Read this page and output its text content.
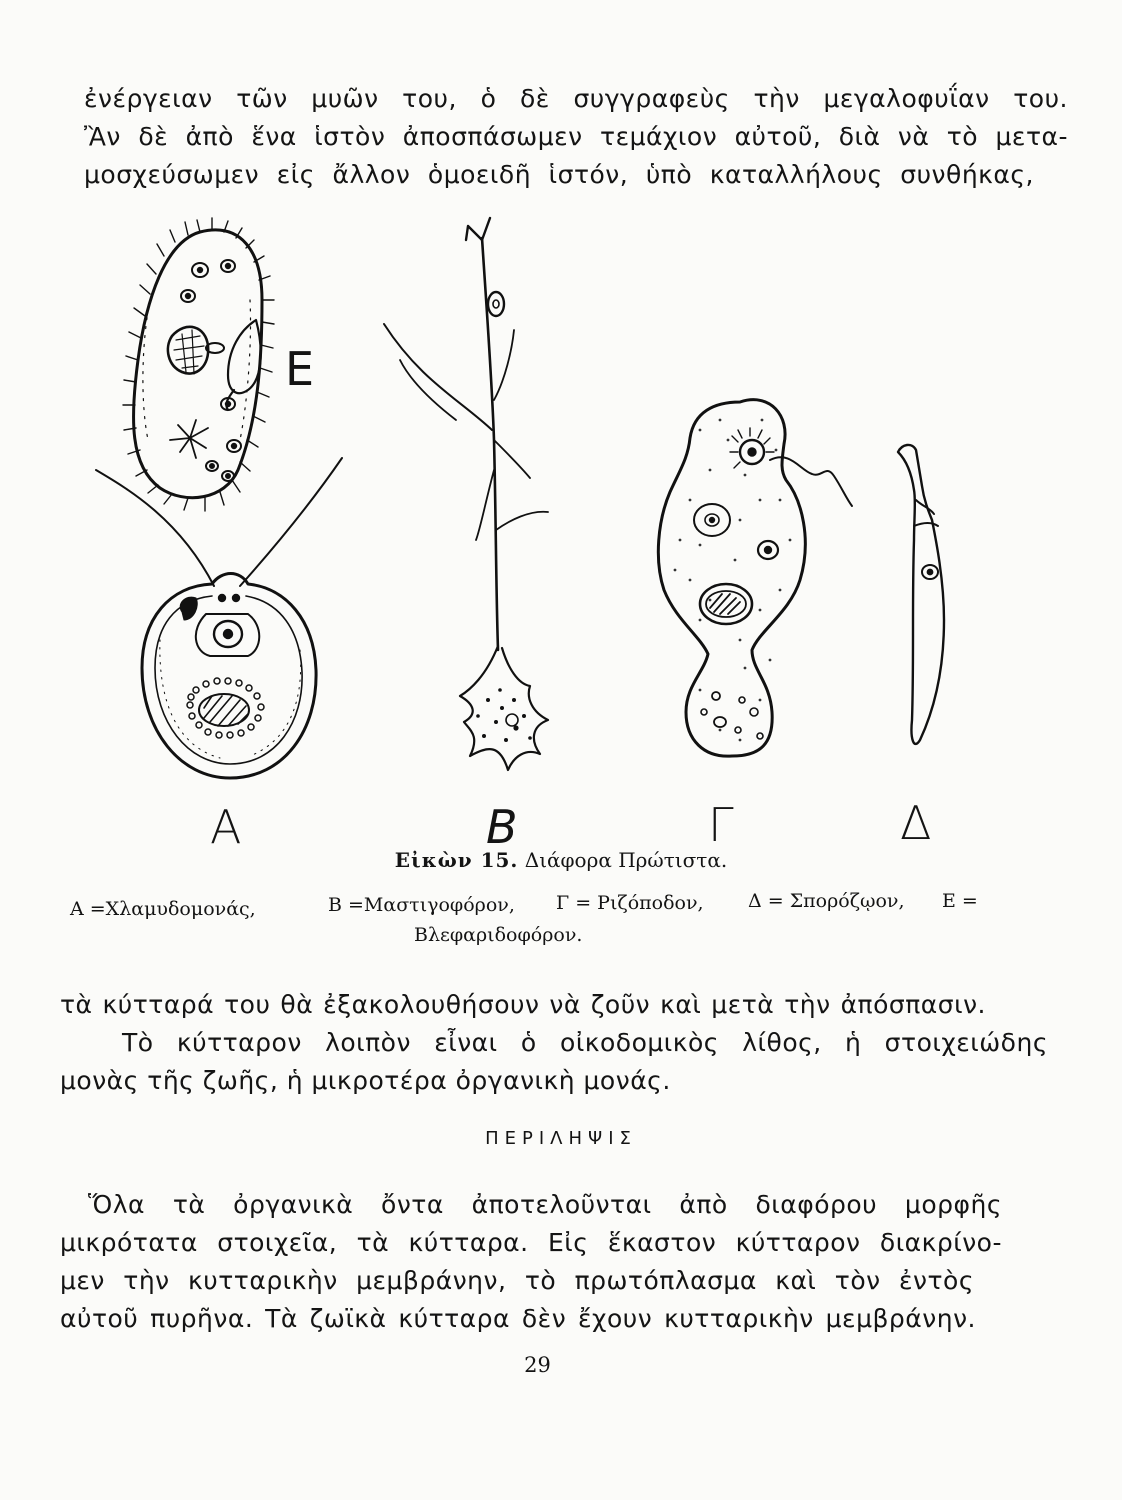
ἐνέργειαν τῶν μυῶν του, ὁ δὲ συγγραφεὺς τὴν μεγαλοφυΐαν του.
Ἂν δὲ ἀπὸ ἕνα ἱστὸν ἀποσπάσωμεν τεμάχιον αὐτοῦ, διὰ νὰ τὸ μετα-
μοσχεύσωμεν εἰς ἄλλον ὁμοειδῆ ἱστόν, ὑπὸ καταλλήλους συνθήκας,
Ε
Α	Β	Γ	Δ
Εἰκὼν 15. Διάφορα Πρώτιστα.
Α =Χλαμυδομονάς,	Β =Μαστιγοφόρον, Γ = Ριζόποδον, Δ = Σπορόζῳον, Ε =
Βλεφαριδοφόρον.
τὰ κύτταρά του θὰ ἐξακολουθήσουν νὰ ζοῦν καὶ μετὰ τὴν ἀπόσπασιν.
Τὸ κύτταρον λοιπὸν εἶναι ὁ οἰκοδομικὸς λίθος, ἡ στοιχειώδης
μονὰς τῆς ζωῆς, ἡ μικροτέρα ὀργανικὴ μονάς.
ΠΕΡΙΛΗΨΙΣ
Ὅλα τὰ ὀργανικὰ ὄντα ἀποτελοῦνται ἀπὸ διαφόρου μορφῆς
μικρότατα στοιχεῖα, τὰ κύτταρα. Εἰς ἕκαστον κύτταρον διακρίνο-
μεν τὴν κυτταρικὴν μεμβράνην, τὸ πρωτόπλασμα καὶ τὸν ἐντὸς
αὐτοῦ πυρῆνα. Τὰ ζωϊκὰ κύτταρα δὲν ἔχουν κυτταρικὴν μεμβράνην.
29
